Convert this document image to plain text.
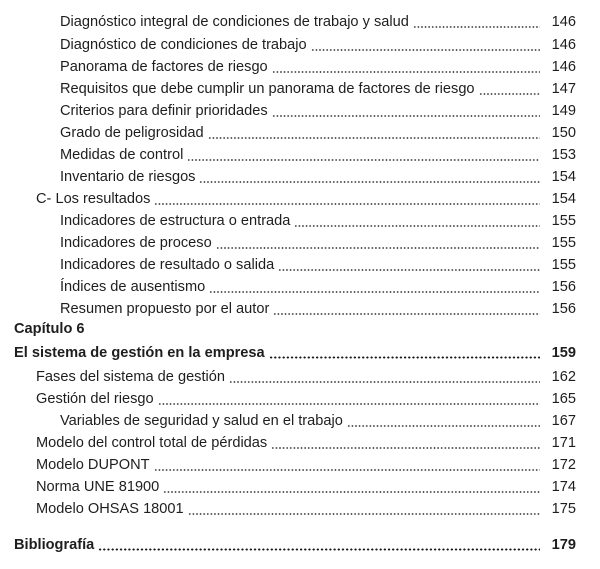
Diagnóstico integral de condiciones de trabajo y salud	146
Diagnóstico de condiciones de trabajo	146
Panorama de factores de riesgo	146
Requisitos que debe cumplir un panorama de factores de riesgo	147
Criterios para definir prioridades	149
Grado de peligrosidad	150
Medidas de control	153
Inventario de riesgos	154
C- Los resultados	154
Indicadores de estructura o entrada	155
Indicadores de proceso	155
Indicadores de resultado o salida	155
Índices de ausentismo	156
Resumen propuesto por el autor	156
Capítulo 6
El sistema de gestión en la empresa	159
Fases del sistema de gestión	162
Gestión del riesgo	165
Variables de seguridad y salud en el trabajo	167
Modelo del control total de pérdidas	171
Modelo DUPONT	172
Norma UNE 81900	174
Modelo OHSAS 18001	175
Bibliografía	179
